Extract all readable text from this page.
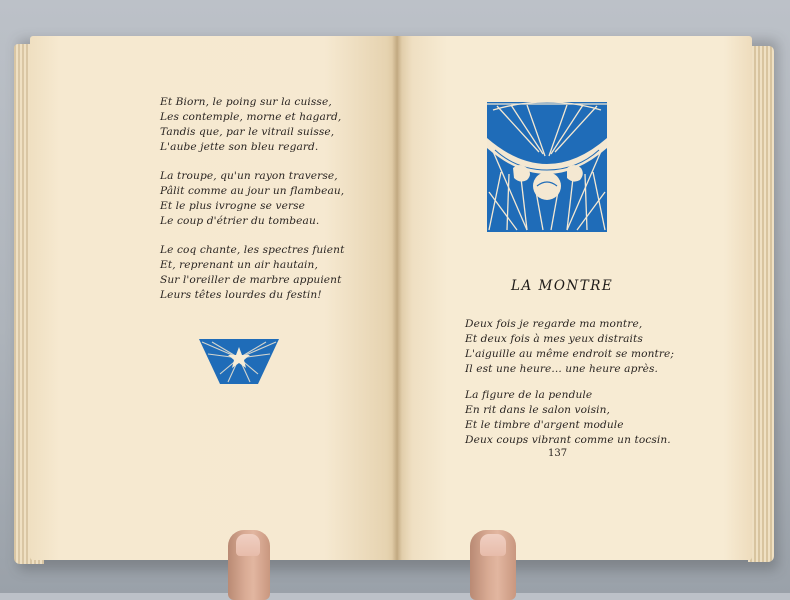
Et Biorn, le poing sur la cuisse,
Les contemple, morne et hagard,
Tandis que, par le vitrail suisse,
L'aube jette son bleu regard.
La troupe, qu'un rayon traverse,
Pâlit comme au jour un flambeau,
Et le plus ivrogne se verse
Le coup d'étrier du tombeau.
Le coq chante, les spectres fuient
Et, reprenant un air hautain,
Sur l'oreiller de marbre appuient
Leurs têtes lourdes du festin!
LA MONTRE
Deux fois je regarde ma montre,
Et deux fois à mes yeux distraits
L'aiguille au même endroit se montre;
Il est une heure... une heure après.
La figure de la pendule
En rit dans le salon voisin,
Et le timbre d'argent module
Deux coups vibrant comme un tocsin.
137
